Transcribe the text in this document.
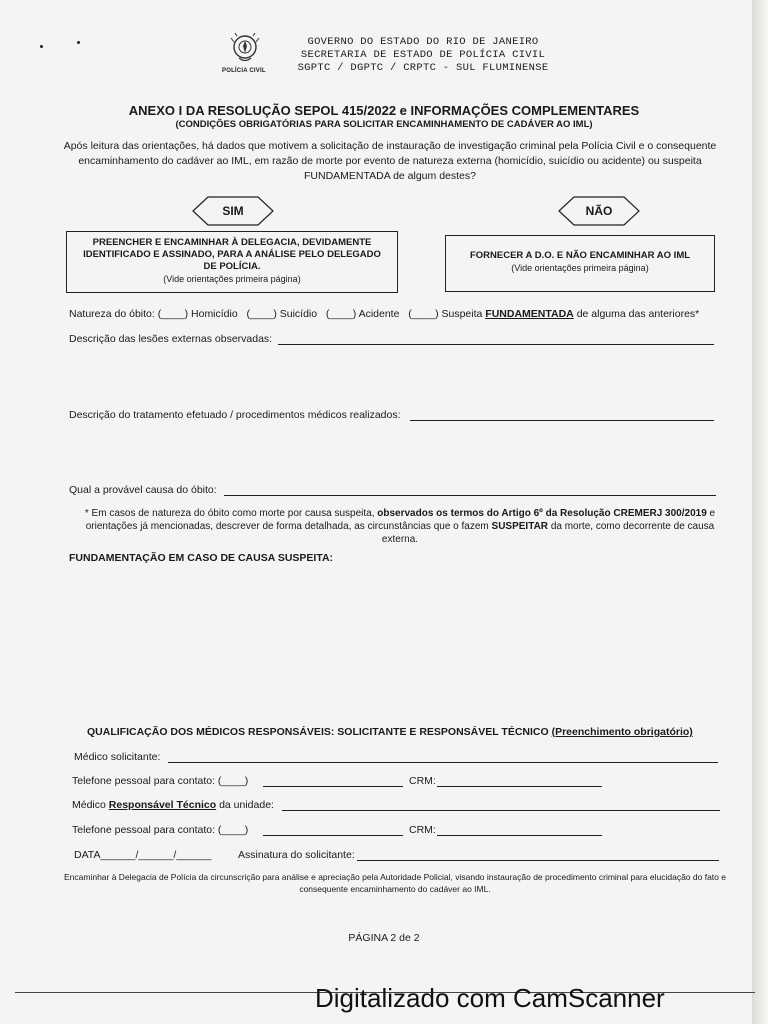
POLÍCIA CIVIL
GOVERNO DO ESTADO DO RIO DE JANEIRO
SECRETARIA DE ESTADO DE POLÍCIA CIVIL
SGPTC / DGPTC / CRPTC - SUL FLUMINENSE
ANEXO I DA RESOLUÇÃO SEPOL 415/2022 e INFORMAÇÕES COMPLEMENTARES
(CONDIÇÕES OBRIGATÓRIAS PARA SOLICITAR ENCAMINHAMENTO DE CADÁVER AO IML)
Após leitura das orientações, há dados que motivem a solicitação de instauração de investigação criminal pela Polícia Civil e o consequente encaminhamento do cadáver ao IML, em razão de morte por evento de natureza externa (homicídio, suicídio ou acidente) ou suspeita FUNDAMENTADA de algum destes?
SIM	NÃO
PREENCHER E ENCAMINHAR À DELEGACIA, DEVIDAMENTE IDENTIFICADO E ASSINADO, PARA A ANÁLISE PELO DELEGADO DE POLÍCIA.
(Vide orientações primeira página)
FORNECER A D.O. E NÃO ENCAMINHAR AO IML
(Vide orientações primeira página)
Natureza do óbito: (____) Homicídio (____) Suicídio (____) Acidente (____) Suspeita FUNDAMENTADA de alguma das anteriores*
Descrição das lesões externas observadas:
Descrição do tratamento efetuado / procedimentos médicos realizados:
Qual a provável causa do óbito:
* Em casos de natureza do óbito como morte por causa suspeita, observados os termos do Artigo 6º da Resolução CREMERJ 300/2019 e orientações já mencionadas, descrever de forma detalhada, as circunstâncias que o fazem SUSPEITAR da morte, como decorrente de causa externa.
FUNDAMENTAÇÃO EM CASO DE CAUSA SUSPEITA:
QUALIFICAÇÃO DOS MÉDICOS RESPONSÁVEIS: SOLICITANTE E RESPONSÁVEL TÉCNICO (Preenchimento obrigatório)
Médico solicitante:
Telefone pessoal para contato: (____)	CRM:
Médico Responsável Técnico da unidade:
Telefone pessoal para contato: (____)	CRM:
DATA______/______/______	Assinatura do solicitante:
Encaminhar à Delegacia de Polícia da circunscrição para análise e apreciação pela Autoridade Policial, visando instauração de procedimento criminal para elucidação do fato e consequente encaminhamento do cadáver ao IML.
PÁGINA 2 de 2
Digitalizado com CamScanner
